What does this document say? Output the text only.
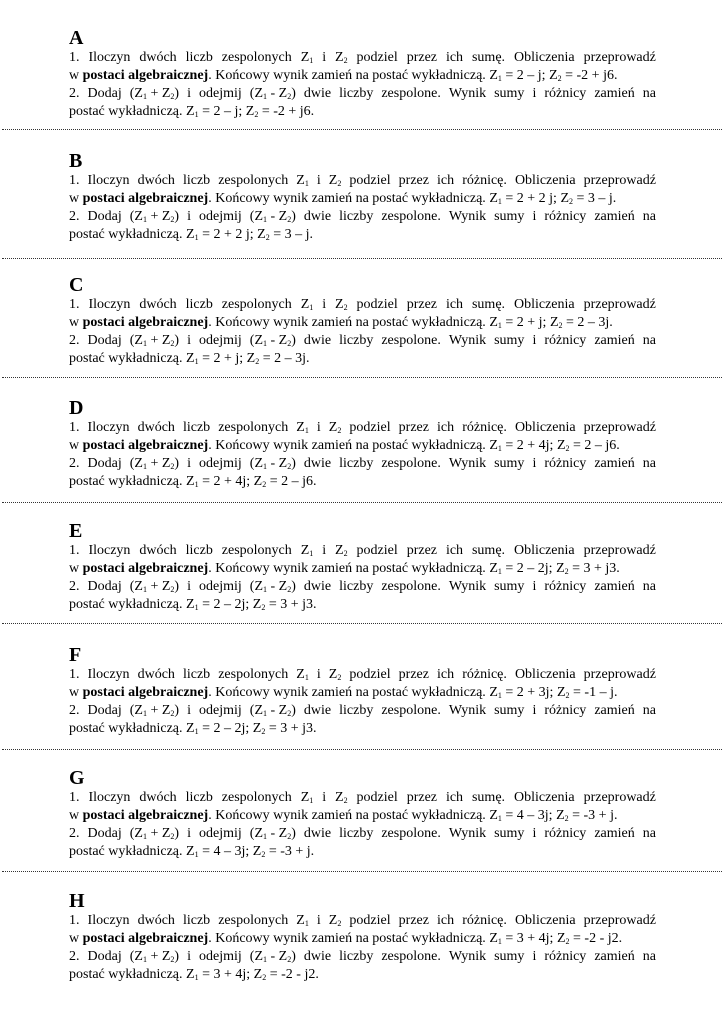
A
1. Iloczyn dwóch liczb zespolonych $Z_1$ i $Z_2$ podziel przez ich sumę. Obliczenia przeprowadź
w postaci algebraicznej. Końcowy wynik zamień na postać wykładniczą. $Z_1 = 2 - j$; $Z_2 = -2 + j6$.
2. Dodaj $(Z_1 + Z_2)$ i odejmij $(Z_1 - Z_2)$ dwie liczby zespolone. Wynik sumy i różnicy zamień na
postać wykładniczą. $Z_1 = 2 - j$; $Z_2 = -2 + j6$.
B
1. Iloczyn dwóch liczb zespolonych $Z_1$ i $Z_2$ podziel przez ich różnicę. Obliczenia przeprowadź
w postaci algebraicznej. Końcowy wynik zamień na postać wykładniczą. $Z_1 = 2 + 2$ j; $Z_2 = 3 - j$.
2. Dodaj $(Z_1 + Z_2)$ i odejmij $(Z_1 - Z_2)$ dwie liczby zespolone. Wynik sumy i różnicy zamień na
postać wykładniczą. $Z_1 = 2 + 2$ j; $Z_2 = 3 - j$.
C
1. Iloczyn dwóch liczb zespolonych $Z_1$ i $Z_2$ podziel przez ich sumę. Obliczenia przeprowadź
w postaci algebraicznej. Końcowy wynik zamień na postać wykładniczą. $Z_1 = 2 + j$; $Z_2 = 2 - 3j$.
2. Dodaj $(Z_1 + Z_2)$ i odejmij $(Z_1 - Z_2)$ dwie liczby zespolone. Wynik sumy i różnicy zamień na
postać wykładniczą. $Z_1 = 2 + j$; $Z_2 = 2 - 3j$.
D
1. Iloczyn dwóch liczb zespolonych $Z_1$ i $Z_2$ podziel przez ich różnicę. Obliczenia przeprowadź
w postaci algebraicznej. Końcowy wynik zamień na postać wykładniczą. $Z_1 = 2 + 4j$; $Z_2 = 2 - j6$.
2. Dodaj $(Z_1 + Z_2)$ i odejmij $(Z_1 - Z_2)$ dwie liczby zespolone. Wynik sumy i różnicy zamień na
postać wykładniczą. $Z_1 = 2 + 4j$; $Z_2 = 2 - j6$.
E
1. Iloczyn dwóch liczb zespolonych $Z_1$ i $Z_2$ podziel przez ich sumę. Obliczenia przeprowadź
w postaci algebraicznej. Końcowy wynik zamień na postać wykładniczą. $Z_1 = 2 - 2j$; $Z_2 = 3 + j3$.
2. Dodaj $(Z_1 + Z_2)$ i odejmij $(Z_1 - Z_2)$ dwie liczby zespolone. Wynik sumy i różnicy zamień na
postać wykładniczą. $Z_1 = 2 - 2j$; $Z_2 = 3 + j3$.
F
1. Iloczyn dwóch liczb zespolonych $Z_1$ i $Z_2$ podziel przez ich różnicę. Obliczenia przeprowadź
w postaci algebraicznej. Końcowy wynik zamień na postać wykładniczą. $Z_1 = 2 + 3j$; $Z_2 = -1 - j$.
2. Dodaj $(Z_1 + Z_2)$ i odejmij $(Z_1 - Z_2)$ dwie liczby zespolone. Wynik sumy i różnicy zamień na
postać wykładniczą. $Z_1 = 2 - 2j$; $Z_2 = 3 + j3$.
G
1. Iloczyn dwóch liczb zespolonych $Z_1$ i $Z_2$ podziel przez ich sumę. Obliczenia przeprowadź
w postaci algebraicznej. Końcowy wynik zamień na postać wykładniczą. $Z_1 = 4 - 3j$; $Z_2 = -3 + j$.
2. Dodaj $(Z_1 + Z_2)$ i odejmij $(Z_1 - Z_2)$ dwie liczby zespolone. Wynik sumy i różnicy zamień na
postać wykładniczą. $Z_1 = 4 - 3j$; $Z_2 = -3 + j$.
H
1. Iloczyn dwóch liczb zespolonych $Z_1$ i $Z_2$ podziel przez ich różnicę. Obliczenia przeprowadź
w postaci algebraicznej. Końcowy wynik zamień na postać wykładniczą. $Z_1 = 3 + 4j$; $Z_2 = -2 - j2$.
2. Dodaj $(Z_1 + Z_2)$ i odejmij $(Z_1 - Z_2)$ dwie liczby zespolone. Wynik sumy i różnicy zamień na
postać wykładniczą. $Z_1 = 3 + 4j$; $Z_2 = -2 - j2$.
